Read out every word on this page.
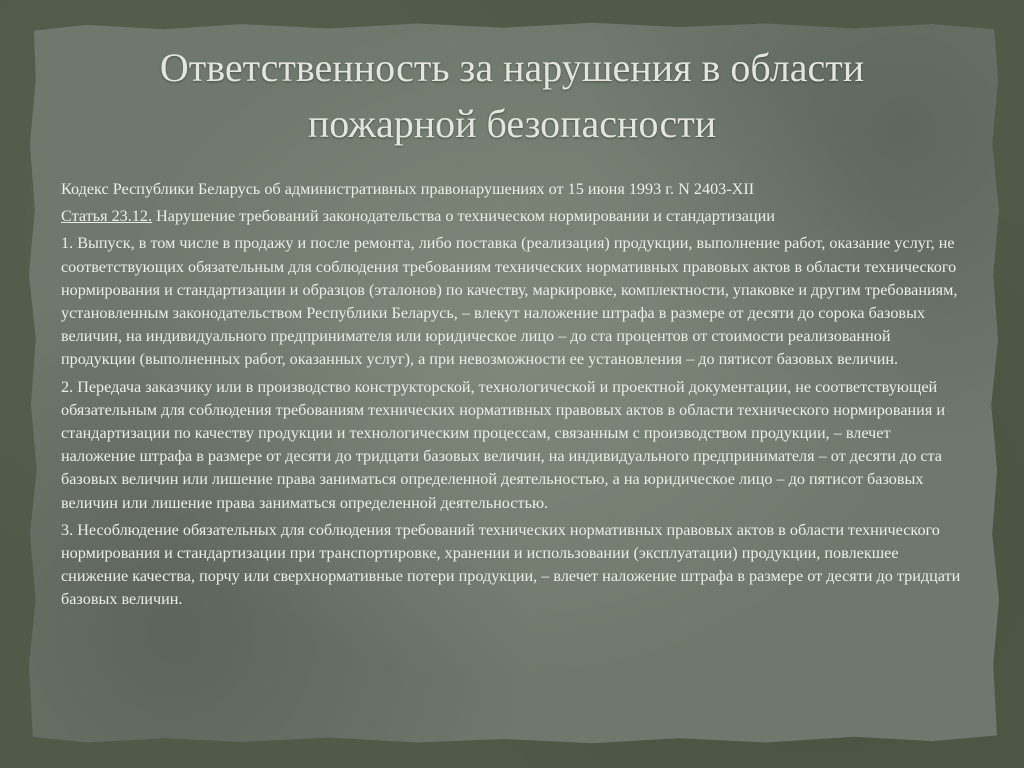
Ответственность за нарушения в области
пожарной безопасности

Кодекс Республики Беларусь об административных правонарушениях от 15 июня 1993 г. N 2403-XII

Статья 23.12. Нарушение требований законодательства о техническом нормировании и стандартизации

1. Выпуск, в том числе в продажу и после ремонта, либо поставка (реализация) продукции, выполнение работ, оказание услуг, не соответствующих обязательным для соблюдения требованиям технических нормативных правовых актов в области технического нормирования и стандартизации и образцов (эталонов) по качеству, маркировке, комплектности, упаковке и другим требованиям, установленным законодательством Республики Беларусь, – влекут наложение штрафа в размере от десяти до сорока базовых величин, на индивидуального предпринимателя или юридическое лицо – до ста процентов от стоимости реализованной продукции (выполненных работ, оказанных услуг), а при невозможности ее установления – до пятисот базовых величин.

2. Передача заказчику или в производство конструкторской, технологической и проектной документации, не соответствующей обязательным для соблюдения требованиям технических нормативных правовых актов в области технического нормирования и стандартизации по качеству продукции и технологическим процессам, связанным с производством продукции, – влечет наложение штрафа в размере от десяти до тридцати базовых величин, на индивидуального предпринимателя – от десяти до ста базовых величин или лишение права заниматься определенной деятельностью, а на юридическое лицо – до пятисот базовых величин или лишение права заниматься определенной деятельностью.

3. Несоблюдение обязательных для соблюдения требований технических нормативных правовых актов в области технического нормирования и стандартизации при транспортировке, хранении и использовании (эксплуатации) продукции, повлекшее снижение качества, порчу или сверхнормативные потери продукции, – влечет наложение штрафа в размере от десяти до тридцати базовых величин.
